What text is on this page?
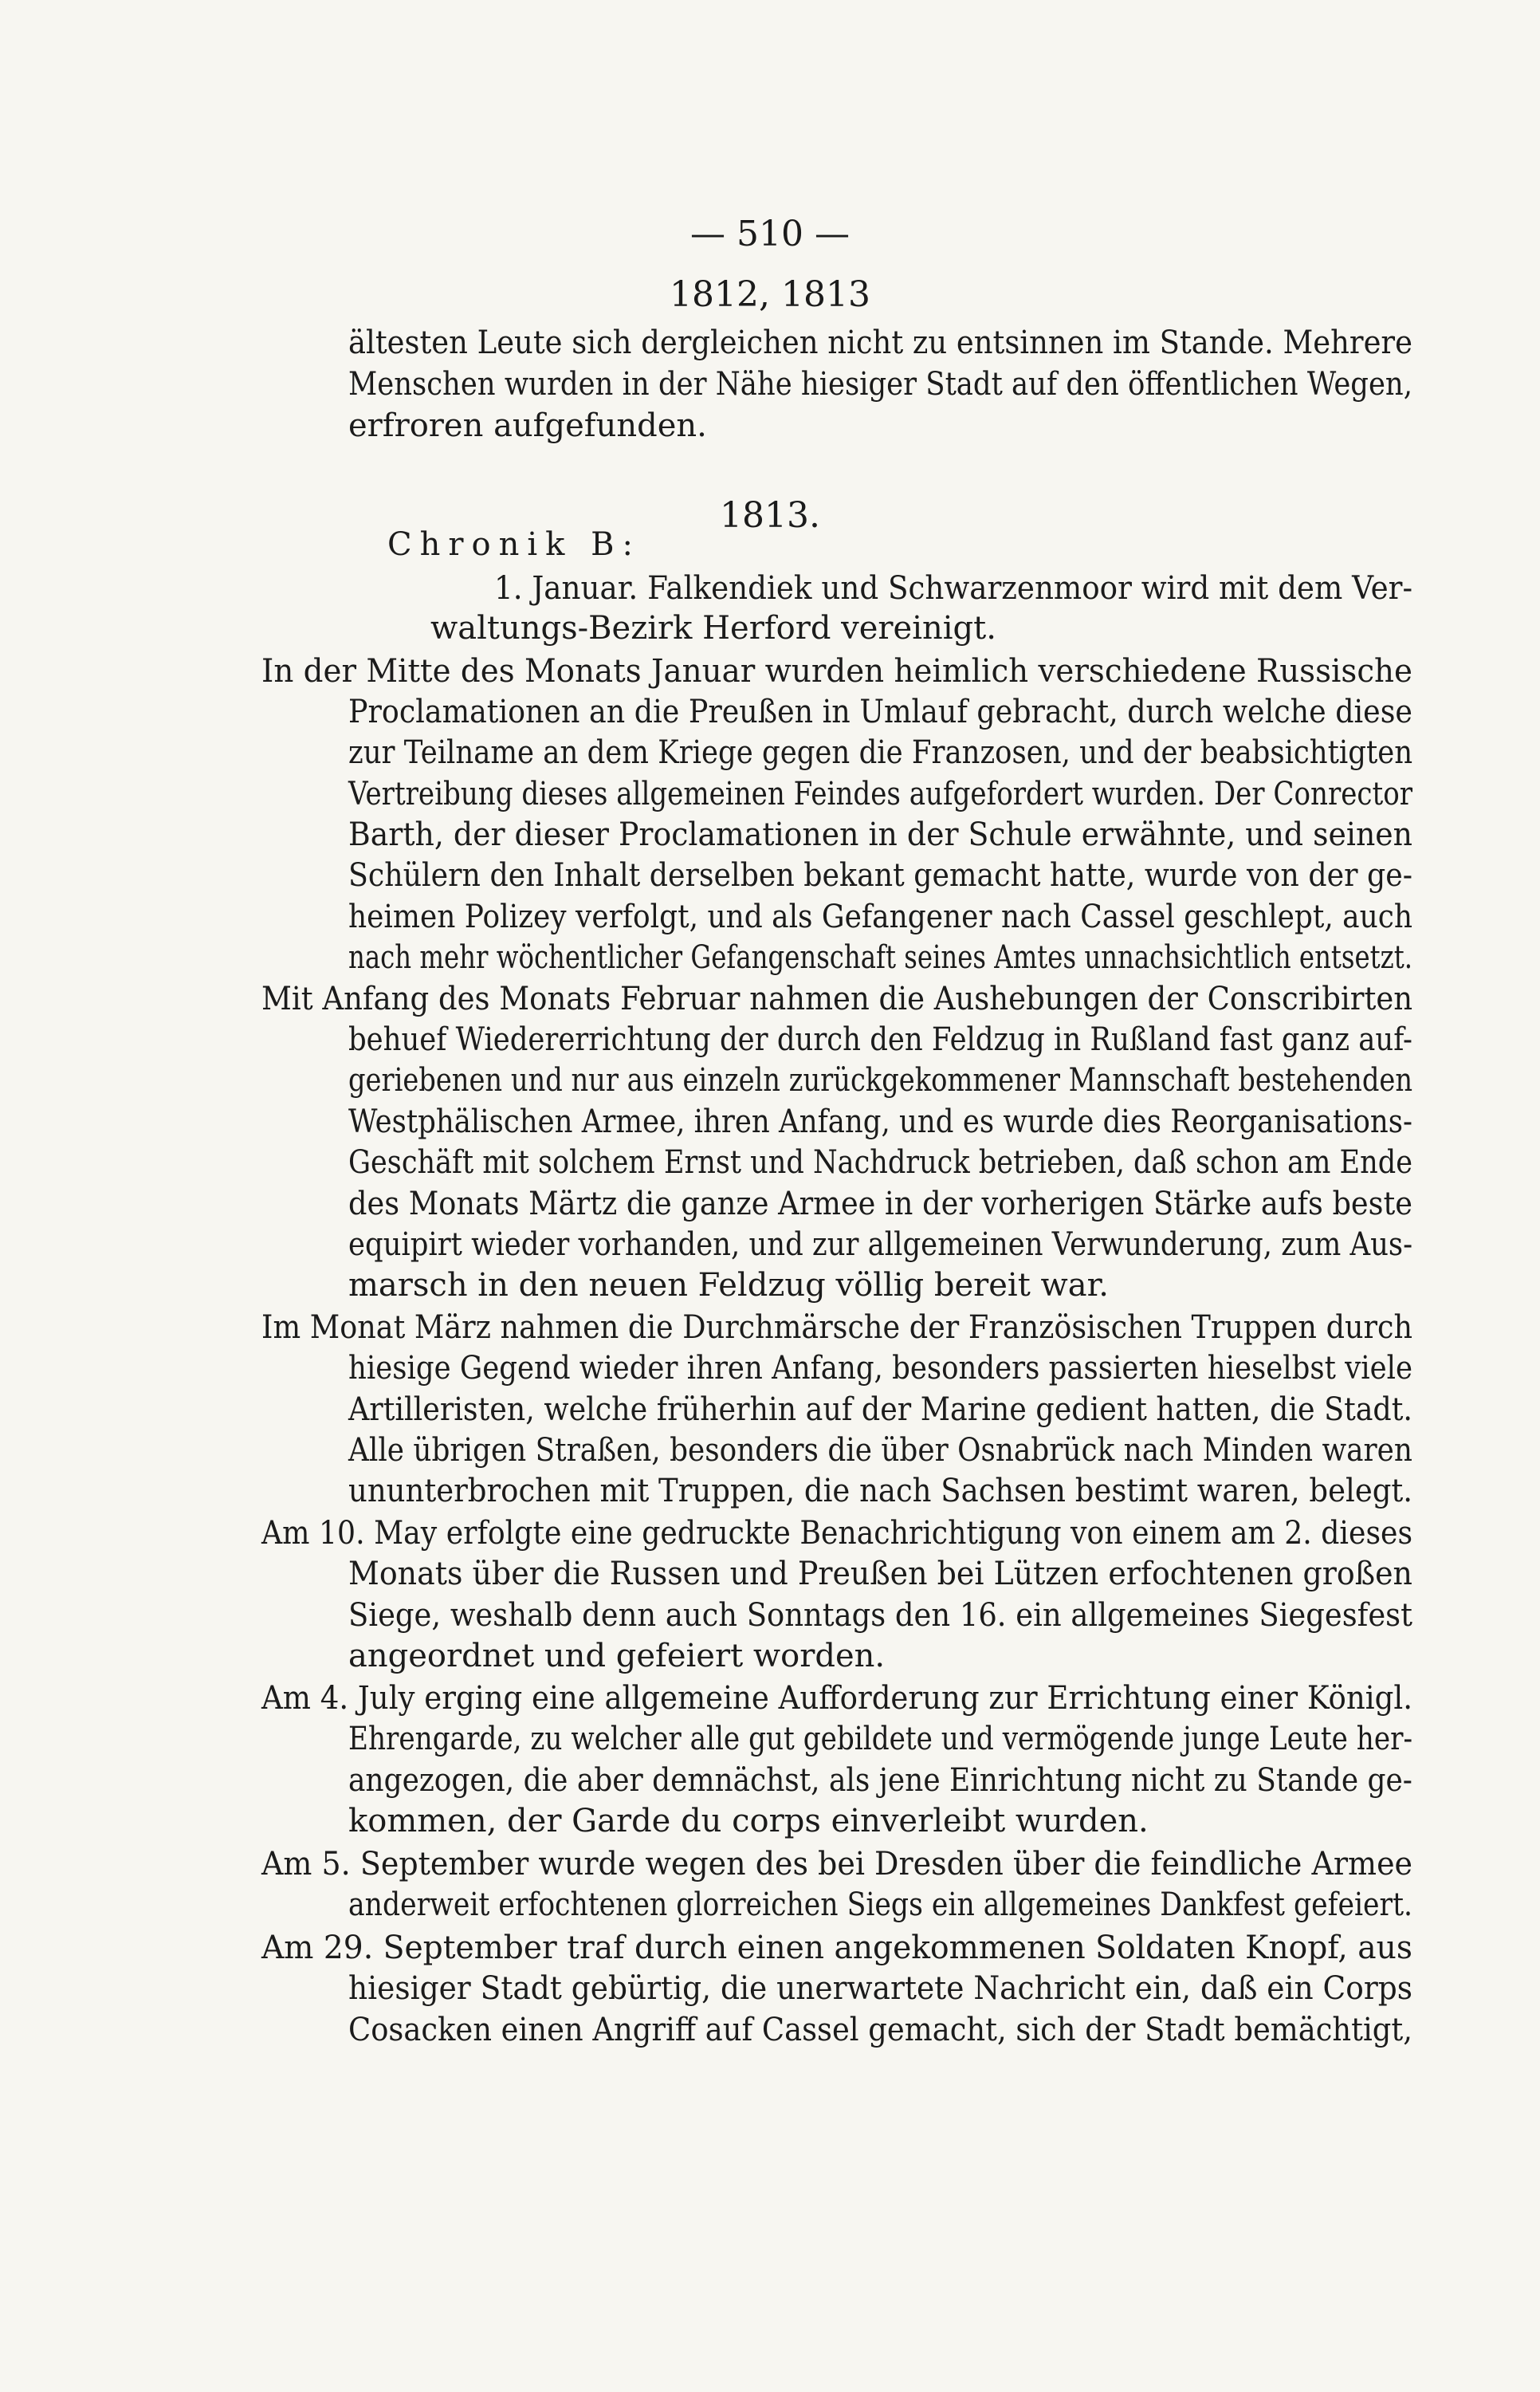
— 510 —
1812, 1813
1813.
Chronik B:
ältesten Leute sich dergleichen nicht zu entsinnen im Stande. Mehrere
Menschen wurden in der Nähe hiesiger Stadt auf den öffentlichen Wegen,
erfroren aufgefunden.
1. Januar. Falkendiek und Schwarzenmoor wird mit dem Ver-
waltungs-Bezirk Herford vereinigt.
In der Mitte des Monats Januar wurden heimlich verschiedene Russische
Proclamationen an die Preußen in Umlauf gebracht, durch welche diese
zur Teilname an dem Kriege gegen die Franzosen, und der beabsichtigten
Vertreibung dieses allgemeinen Feindes aufgefordert wurden. Der Conrector
Barth, der dieser Proclamationen in der Schule erwähnte, und seinen
Schülern den Inhalt derselben bekant gemacht hatte, wurde von der ge-
heimen Polizey verfolgt, und als Gefangener nach Cassel geschlept, auch
nach mehr wöchentlicher Gefangenschaft seines Amtes unnachsichtlich entsetzt.
Mit Anfang des Monats Februar nahmen die Aushebungen der Conscribirten
behuef Wiedererrichtung der durch den Feldzug in Rußland fast ganz auf-
geriebenen und nur aus einzeln zurückgekommener Mannschaft bestehenden
Westphälischen Armee, ihren Anfang, und es wurde dies Reorganisations-
Geschäft mit solchem Ernst und Nachdruck betrieben, daß schon am Ende
des Monats Märtz die ganze Armee in der vorherigen Stärke aufs beste
equipirt wieder vorhanden, und zur allgemeinen Verwunderung, zum Aus-
marsch in den neuen Feldzug völlig bereit war.
Im Monat März nahmen die Durchmärsche der Französischen Truppen durch
hiesige Gegend wieder ihren Anfang, besonders passierten hieselbst viele
Artilleristen, welche früherhin auf der Marine gedient hatten, die Stadt.
Alle übrigen Straßen, besonders die über Osnabrück nach Minden waren
ununterbrochen mit Truppen, die nach Sachsen bestimt waren, belegt.
Am 10. May erfolgte eine gedruckte Benachrichtigung von einem am 2. dieses
Monats über die Russen und Preußen bei Lützen erfochtenen großen
Siege, weshalb denn auch Sonntags den 16. ein allgemeines Siegesfest
angeordnet und gefeiert worden.
Am 4. July erging eine allgemeine Aufforderung zur Errichtung einer Königl.
Ehrengarde, zu welcher alle gut gebildete und vermögende junge Leute her-
angezogen, die aber demnächst, als jene Einrichtung nicht zu Stande ge-
kommen, der Garde du corps einverleibt wurden.
Am 5. September wurde wegen des bei Dresden über die feindliche Armee
anderweit erfochtenen glorreichen Siegs ein allgemeines Dankfest gefeiert.
Am 29. September traf durch einen angekommenen Soldaten Knopf, aus
hiesiger Stadt gebürtig, die unerwartete Nachricht ein, daß ein Corps
Cosacken einen Angriff auf Cassel gemacht, sich der Stadt bemächtigt,
